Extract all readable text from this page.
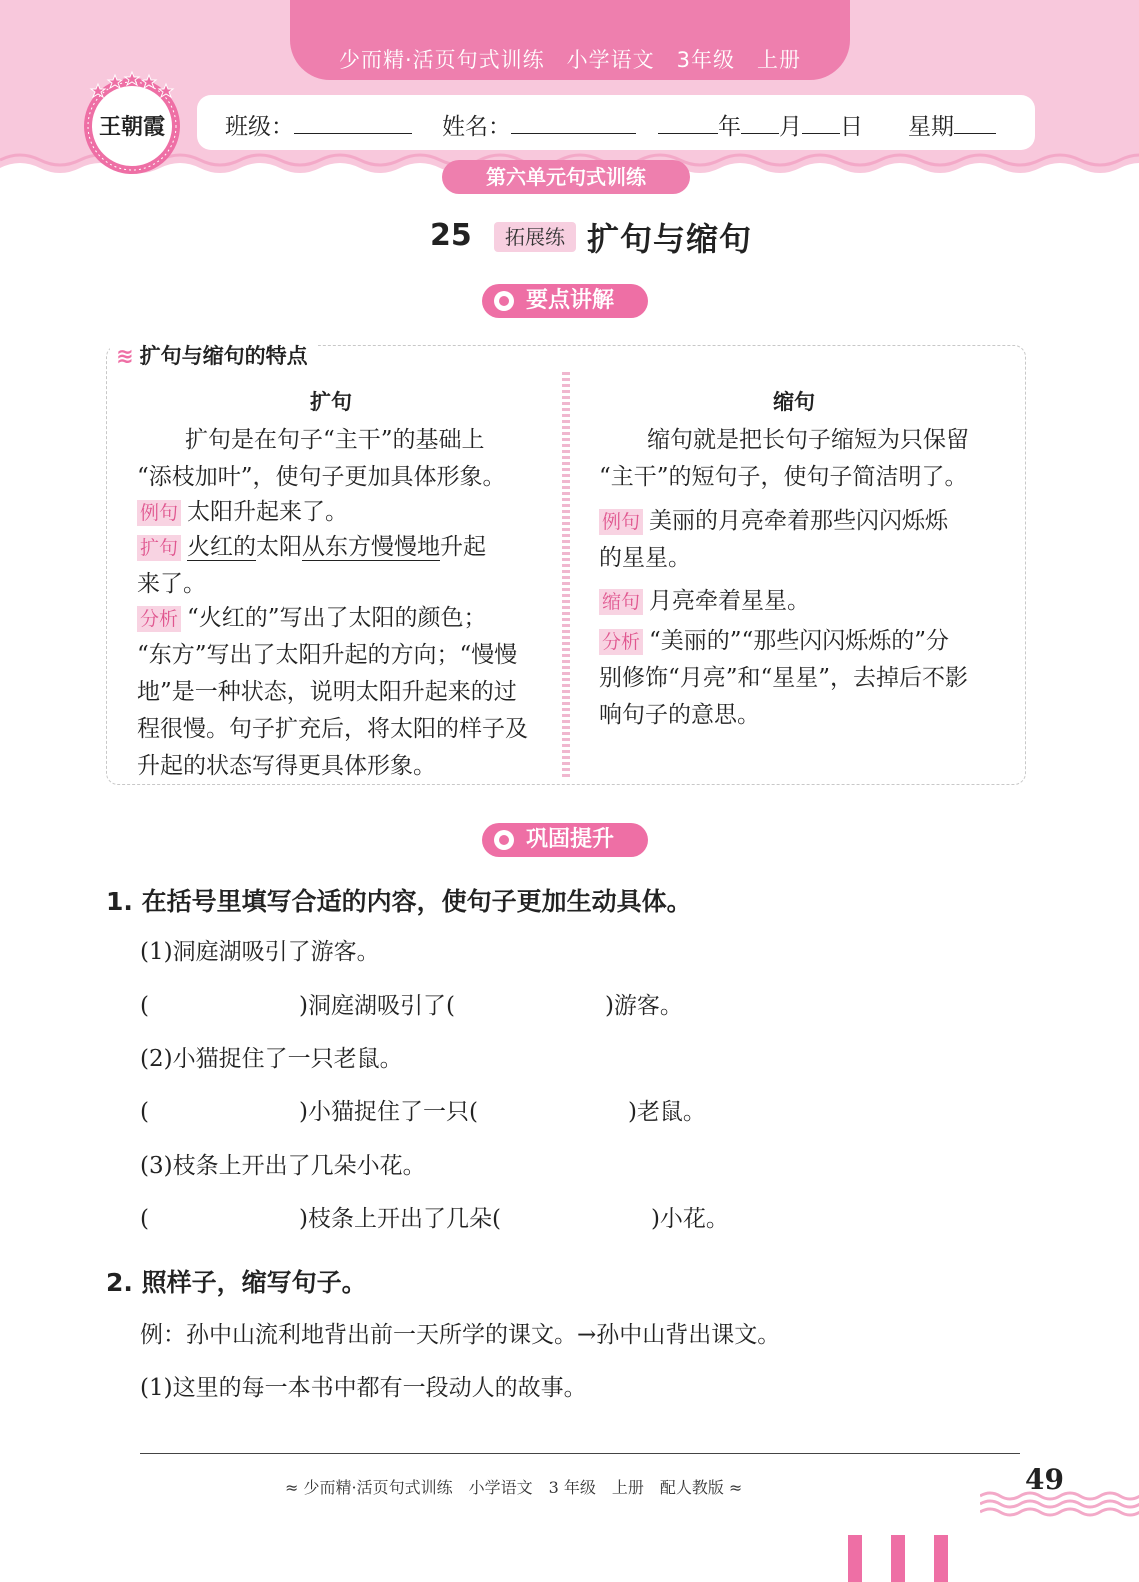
少而精·活页句式训练　小学语文　3年级　上册
班级：	姓名：	年 月 日 星期
王朝霞
第六单元句式训练
25	拓展练 扩句与缩句
要点讲解
≋ 扩句与缩句的特点
扩句
扩句是在句子“主干”的基础上
“添枝加叶”，使句子更加具体形象。
例句 太阳升起来了。
扩句 火红的太阳从东方慢慢地升起
来了。
分析 “火红的”写出了太阳的颜色；
“东方”写出了太阳升起的方向；“慢慢
地”是一种状态，说明太阳升起来的过
程很慢。句子扩充后，将太阳的样子及
升起的状态写得更具体形象。
缩句
缩句就是把长句子缩短为只保留
“主干”的短句子，使句子简洁明了。
例句 美丽的月亮牵着那些闪闪烁烁
的星星。
缩句 月亮牵着星星。
分析 “美丽的”“那些闪闪烁烁的”分
别修饰“月亮”和“星星”，去掉后不影
响句子的意思。
巩固提升
1. 在括号里填写合适的内容，使句子更加生动具体。
(1)洞庭湖吸引了游客。
(	)洞庭湖吸引了(	)游客。
(2)小猫捉住了一只老鼠。
(	)小猫捉住了一只(	)老鼠。
(3)枝条上开出了几朵小花。
(	)枝条上开出了几朵(	)小花。
2. 照样子，缩写句子。
例：孙中山流利地背出前一天所学的课文。→孙中山背出课文。
(1)这里的每一本书中都有一段动人的故事。
≈ 少而精·活页句式训练　小学语文　3 年级　上册　配人教版 ≈	49
